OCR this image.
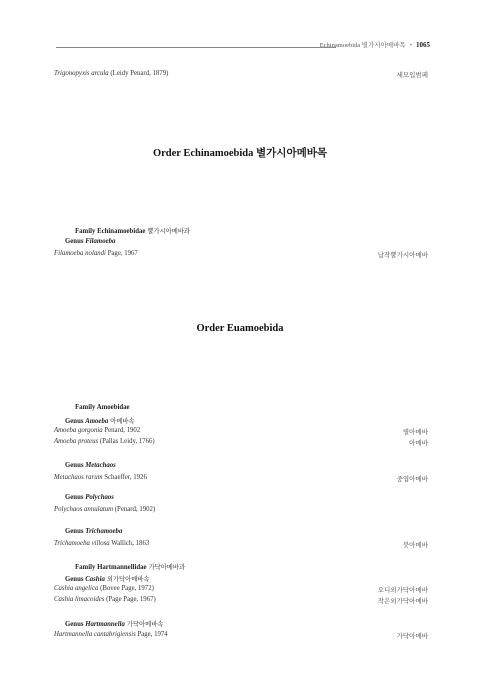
Echinamoebida 별가시아메바목 • 1065
Trigonopyxis arcula (Leidy Penard, 1879)	세모입범페
Order Echinamoebida 별가시아메바목
Family Echinamoebidae 뿔가시아메바과
Genus Filamoeba
Filamoeba nolandi Page, 1967	납작뿔가시아메바
Order Euamoebida
Family Amoebidae
Genus Amoeba 아메바속
Amoeba gorgonia Penard, 1902	별아메바
Amoeba proteus (Pallas Leidy, 1766)	아메바
Genus Metachaos
Metachaos rarum Schaeffer, 1926	중엽아메바
Genus Polychaos
Polychaos annulatum (Penard, 1902)
Genus Trichamoeba
Trichamoeba villosa Wallich, 1863	붓아메바
Family Hartmannellidae 가닥아메바과
Genus Cashia 외가닥아메바속
Cashia angelica (Bovee Page, 1972)	오디외가닥아메바
Cashia limacoides (Page Page, 1967)	작은외가닥아메바
Genus Hartmannella 가닥아메바속
Hartmannella cantabrigiensis Page, 1974	가닥아메바
